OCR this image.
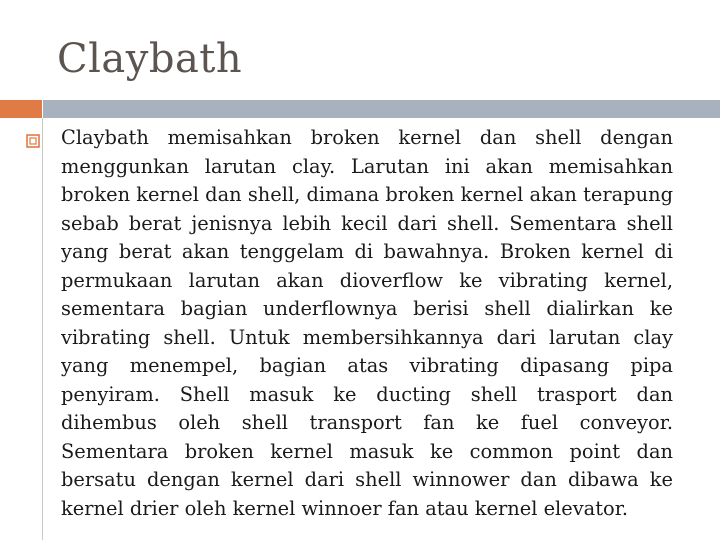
Claybath
Claybath memisahkan broken kernel dan shell dengan menggunkan larutan clay. Larutan ini akan memisahkan broken kernel dan shell, dimana broken kernel akan terapung sebab berat jenisnya lebih kecil dari shell. Sementara shell yang berat akan tenggelam di bawahnya. Broken kernel di permukaan larutan akan dioverflow ke vibrating kernel, sementara bagian underflownya berisi shell dialirkan ke vibrating shell. Untuk membersihkannya dari larutan clay yang menempel, bagian atas vibrating dipasang pipa penyiram. Shell masuk ke ducting shell trasport dan dihembus oleh shell transport fan ke fuel conveyor. Sementara broken kernel masuk ke common point dan bersatu dengan kernel dari shell winnower dan dibawa ke kernel drier oleh kernel winnoer fan atau kernel elevator.
